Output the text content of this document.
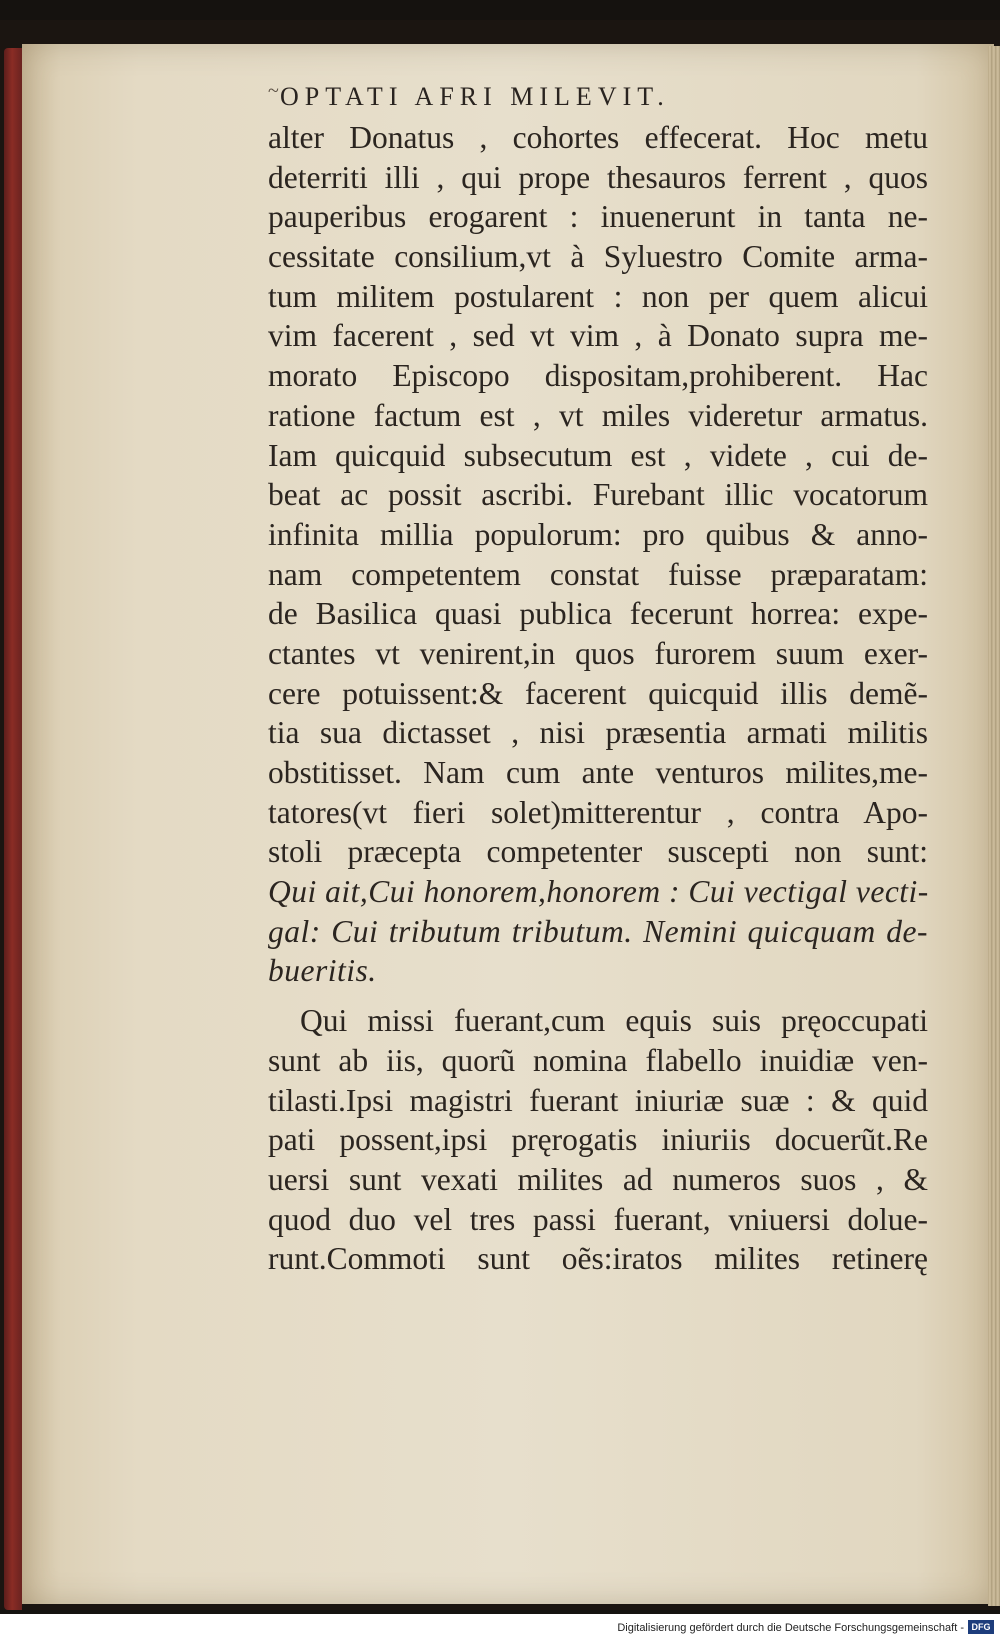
~ OPTATI AFRI MILEVIT.
alter Donatus , cohortes effecerat. Hoc metu
deterriti illi , qui prope thesauros ferrent , quos
pauperibus erogarent : inuenerunt in tanta ne-
cessitate consilium,vt à Syluestro Comite arma-
tum militem postularent : non per quem alicui
vim facerent , sed vt vim , à Donato supra me-
morato Episcopo dispositam,prohiberent. Hac
ratione factum est , vt miles videretur armatus.
Iam quicquid subsecutum est , videte , cui de-
beat ac possit ascribi. Furebant illic vocatorum
infinita millia populorum: pro quibus & anno-
nam competentem constat fuisse præparatam:
de Basilica quasi publica fecerunt horrea: expe-
ctantes vt venirent,in quos furorem suum exer-
cere potuissent:& facerent quicquid illis demẽ-
tia sua dictasset , nisi præsentia armati militis
obstitisset. Nam cum ante venturos milites,me-
tatores(vt fieri solet)mitterentur , contra Apo-
stoli præcepta competenter suscepti non sunt:
Qui ait,Cui honorem,honorem : Cui vectigal vecti-
gal: Cui tributum tributum. Nemini quicquam de-
bueritis.
Qui missi fuerant,cum equis suis pręoccupati
sunt ab iis, quorũ nomina flabello inuidiæ ven-
tilasti.Ipsi magistri fuerant iniuriæ suæ : & quid
pati possent,ipsi pręrogatis iniuriis docuerũt.Re
uersi sunt vexati milites ad numeros suos , &
quod duo vel tres passi fuerant, vniuersi dolue-
runt.Commoti sunt oẽs:iratos milites retinerę
Digitalisierung gefördert durch die Deutsche Forschungsgemeinschaft - DFG
